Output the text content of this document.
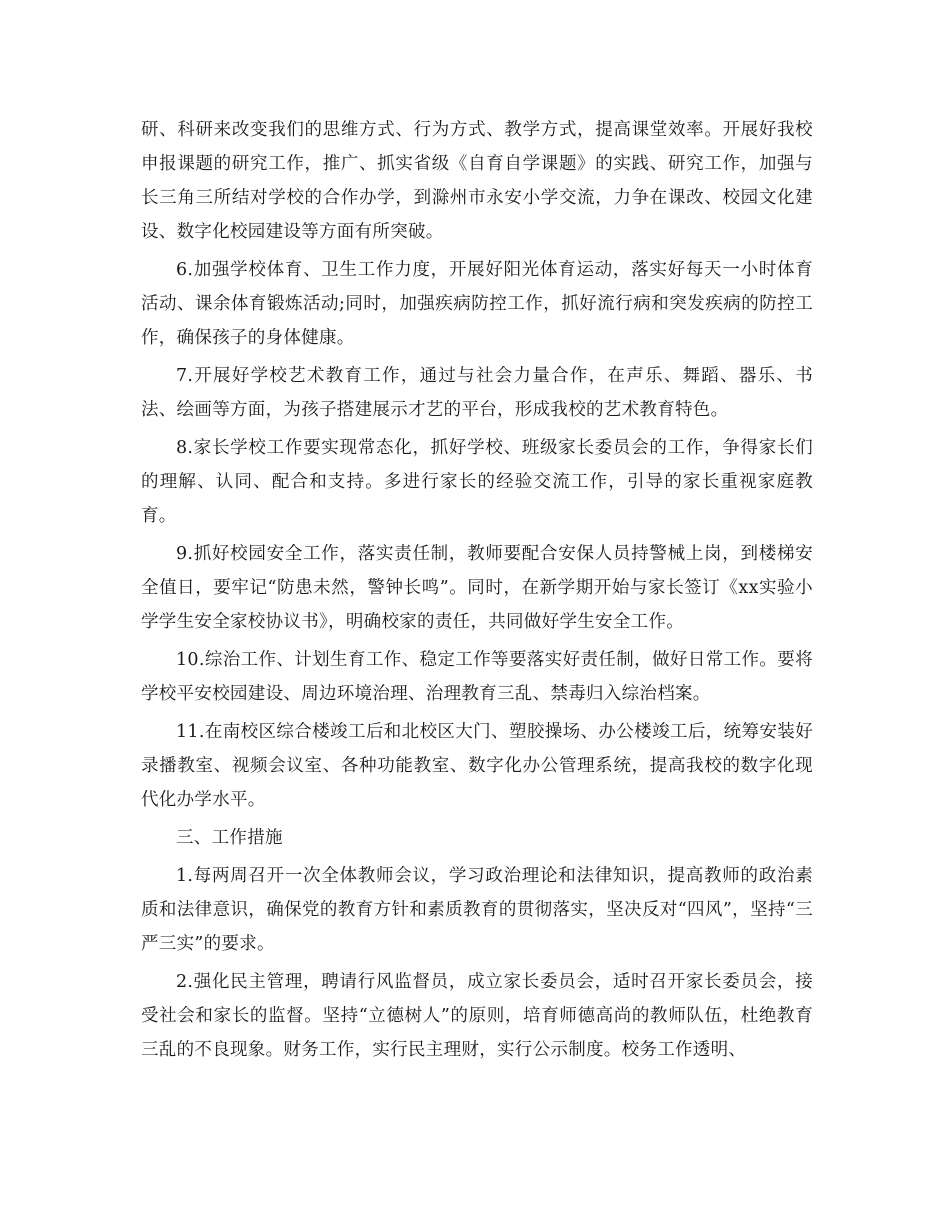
研、科研来改变我们的思维方式、行为方式、教学方式，提高课堂效率。开展好我校申报课题的研究工作，推广、抓实省级《自育自学课题》的实践、研究工作，加强与长三角三所结对学校的合作办学，到滁州市永安小学交流，力争在课改、校园文化建设、数字化校园建设等方面有所突破。

6.加强学校体育、卫生工作力度，开展好阳光体育运动，落实好每天一小时体育活动、课余体育锻炼活动;同时，加强疾病防控工作，抓好流行病和突发疾病的防控工作，确保孩子的身体健康。

7.开展好学校艺术教育工作，通过与社会力量合作，在声乐、舞蹈、器乐、书法、绘画等方面，为孩子搭建展示才艺的平台，形成我校的艺术教育特色。

8.家长学校工作要实现常态化，抓好学校、班级家长委员会的工作，争得家长们的理解、认同、配合和支持。多进行家长的经验交流工作，引导的家长重视家庭教育。

9.抓好校园安全工作，落实责任制，教师要配合安保人员持警械上岗，到楼梯安全值日，要牢记“防患未然，警钟长鸣”。同时，在新学期开始与家长签订《xx实验小学学生安全家校协议书》，明确校家的责任，共同做好学生安全工作。

10.综治工作、计划生育工作、稳定工作等要落实好责任制，做好日常工作。要将学校平安校园建设、周边环境治理、治理教育三乱、禁毒归入综治档案。

11.在南校区综合楼竣工后和北校区大门、塑胶操场、办公楼竣工后，统筹安装好录播教室、视频会议室、各种功能教室、数字化办公管理系统，提高我校的数字化现代化办学水平。

三、工作措施

1.每两周召开一次全体教师会议，学习政治理论和法律知识，提高教师的政治素质和法律意识，确保党的教育方针和素质教育的贯彻落实，坚决反对“四风”，坚持“三严三实”的要求。

2.强化民主管理，聘请行风监督员，成立家长委员会，适时召开家长委员会，接受社会和家长的监督。坚持“立德树人”的原则，培育师德高尚的教师队伍，杜绝教育三乱的不良现象。财务工作，实行民主理财，实行公示制度。校务工作透明、
